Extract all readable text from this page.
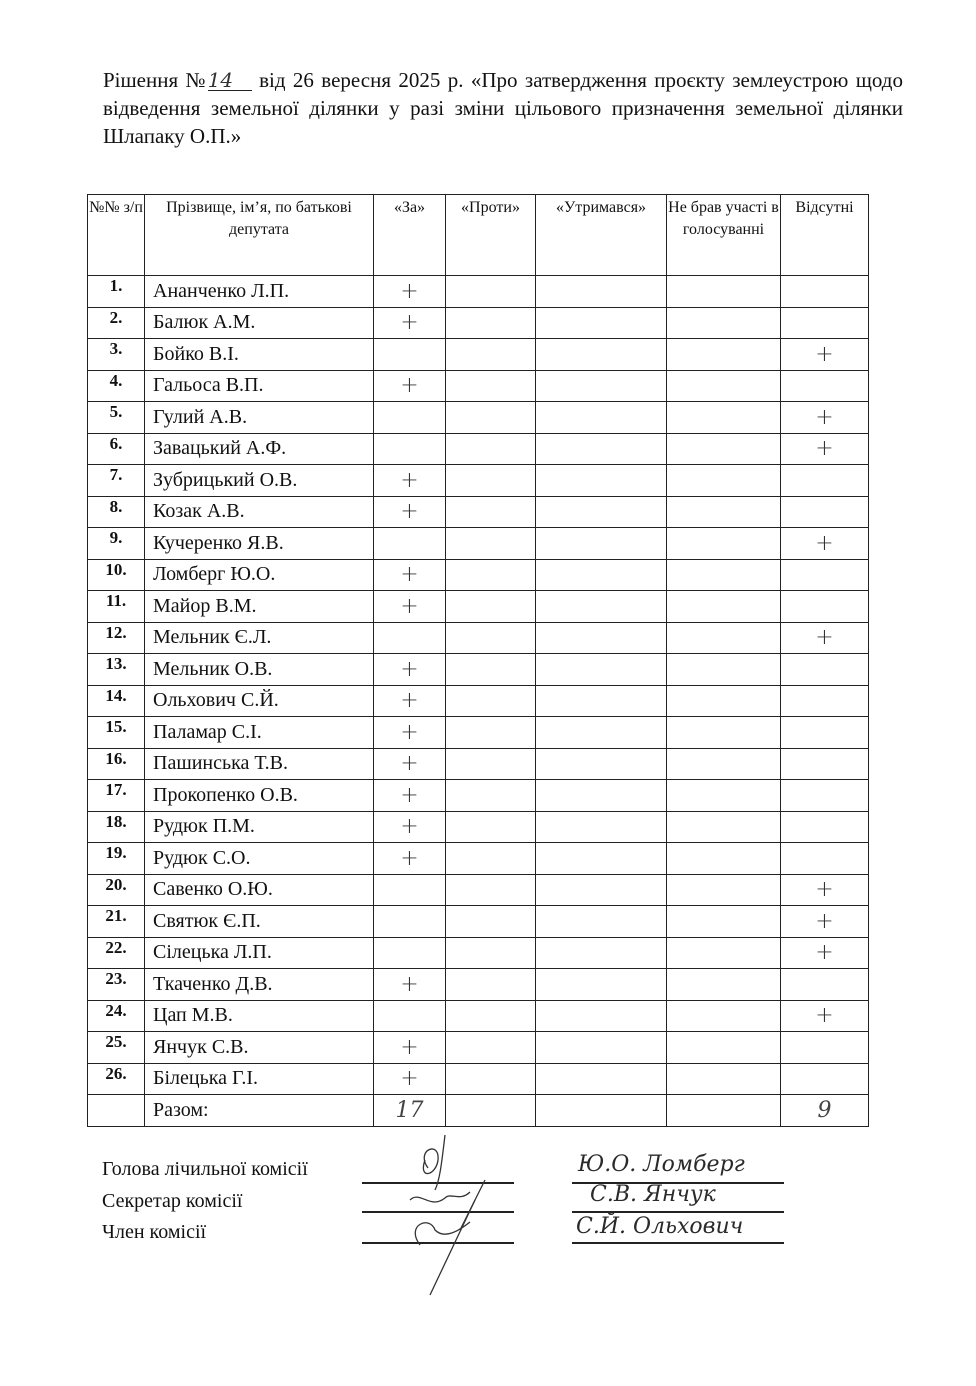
Рішення №14 від 26 вересня 2025 р. «Про затвердження проєкту землеустрою щодо відведення земельної ділянки у разі зміни цільового призначення земельної ділянки Шлапаку О.П.»
№№ з/п	Прізвище, ім’я, по батькові депутата	«За»	«Проти»	«Утримався»	Не брав участі в голосуванні	Відсутні
1.	Ананченко Л.П.	+				
2.	Балюк А.М.	+				
3.	Бойко В.І.					+
4.	Гальоса В.П.	+				
5.	Гулий А.В.					+
6.	Завацький А.Ф.					+
7.	Зубрицький О.В.	+				
8.	Козак А.В.	+				
9.	Кучеренко Я.В.					+
10.	Ломберг Ю.О.	+				
11.	Майор В.М.	+				
12.	Мельник Є.Л.					+
13.	Мельник О.В.	+				
14.	Ольхович С.Й.	+				
15.	Паламар С.І.	+				
16.	Пашинська Т.В.	+				
17.	Прокопенко О.В.	+				
18.	Рудюк П.М.	+				
19.	Рудюк С.О.	+				
20.	Савенко О.Ю.					+
21.	Святюк Є.П.					+
22.	Сілецька Л.П.					+
23.	Ткаченко Д.В.	+				
24.	Цап М.В.					+
25.	Янчук С.В.	+				
26.	Білецька Г.І.	+				
	Разом:	17				9
Голова лічильної комісії
Секретар комісії
Член комісії
Ю.О. Ломберг
С.В. Янчук
С.Й. Ольхович
